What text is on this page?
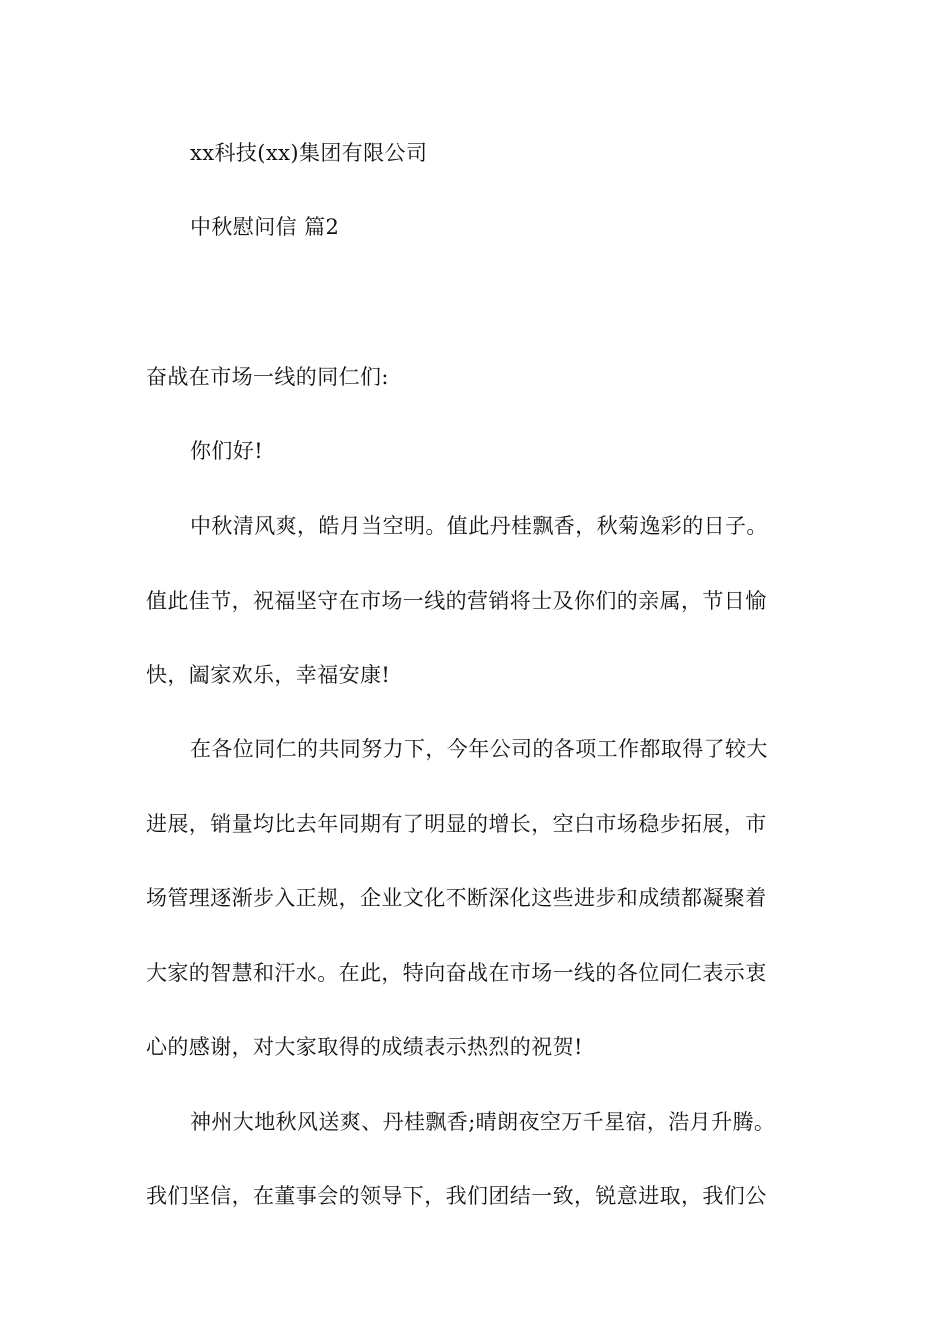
xx科技(xx)集团有限公司
中秋慰问信 篇2
奋战在市场一线的同仁们:
你们好!
中秋清风爽，皓月当空明。值此丹桂飘香，秋菊逸彩的日子。
值此佳节，祝福坚守在市场一线的营销将士及你们的亲属，节日愉
快，阖家欢乐，幸福安康!
在各位同仁的共同努力下，今年公司的各项工作都取得了较大
进展，销量均比去年同期有了明显的增长，空白市场稳步拓展，市
场管理逐渐步入正规，企业文化不断深化这些进步和成绩都凝聚着
大家的智慧和汗水。在此，特向奋战在市场一线的各位同仁表示衷
心的感谢，对大家取得的成绩表示热烈的祝贺!
神州大地秋风送爽、丹桂飘香;晴朗夜空万千星宿，浩月升腾。
我们坚信，在董事会的领导下，我们团结一致，锐意进取，我们公
